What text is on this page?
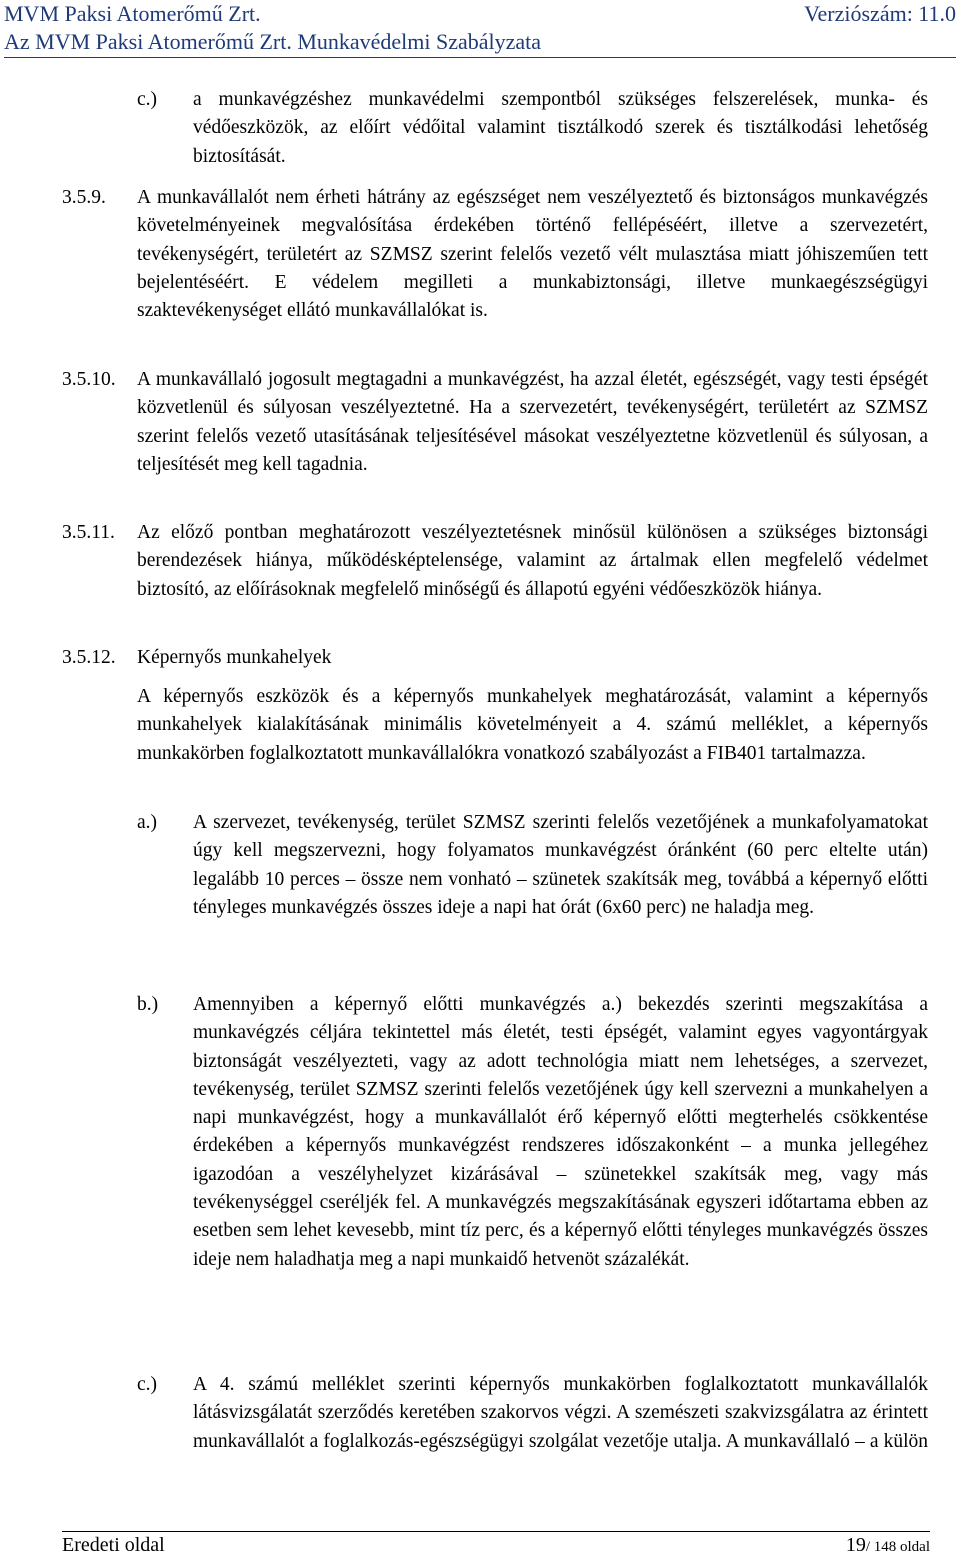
MVM Paksi Atomerőmű Zrt.	Verziószám: 11.0
Az MVM Paksi Atomerőmű Zrt. Munkavédelmi Szabályzata
c.) a munkavégzéshez munkavédelmi szempontból szükséges felszerelések, munka- és védőeszközök, az előírt védőital valamint tisztálkodó szerek és tisztálkodási lehetőség biztosítását.
3.5.9. A munkavállalót nem érheti hátrány az egészséget nem veszélyeztető és biztonságos munkavégzés követelményeinek megvalósítása érdekében történő fellépéséért, illetve a szervezetért, tevékenységért, területért az SZMSZ szerint felelős vezető vélt mulasztása miatt jóhiszeműen tett bejelentéséért. E védelem megilleti a munkabiztonsági, illetve munkaegészségügyi szaktevékenységet ellátó munkavállalókat is.
3.5.10. A munkavállaló jogosult megtagadni a munkavégzést, ha azzal életét, egészségét, vagy testi épségét közvetlenül és súlyosan veszélyeztetné. Ha a szervezetért, tevékenységért, területért az SZMSZ szerint felelős vezető utasításának teljesítésével másokat veszélyeztetne közvetlenül és súlyosan, a teljesítését meg kell tagadnia.
3.5.11. Az előző pontban meghatározott veszélyeztetésnek minősül különösen a szükséges biztonsági berendezések hiánya, működésképtelensége, valamint az ártalmak ellen megfelelő védelmet biztosító, az előírásoknak megfelelő minőségű és állapotú egyéni védőeszközök hiánya.
3.5.12. Képernyős munkahelyek
A képernyős eszközök és a képernyős munkahelyek meghatározását, valamint a képernyős munkahelyek kialakításának minimális követelményeit a 4. számú melléklet, a képernyős munkakörben foglalkoztatott munkavállalókra vonatkozó szabályozást a FIB401 tartalmazza.
a.) A szervezet, tevékenység, terület SZMSZ szerinti felelős vezetőjének a munkafolyamatokat úgy kell megszervezni, hogy folyamatos munkavégzést óránként (60 perc eltelte után) legalább 10 perces – össze nem vonható – szünetek szakítsák meg, továbbá a képernyő előtti tényleges munkavégzés összes ideje a napi hat órát (6x60 perc) ne haladja meg.
b.) Amennyiben a képernyő előtti munkavégzés a.) bekezdés szerinti megszakítása a munkavégzés céljára tekintettel más életét, testi épségét, valamint egyes vagyontárgyak biztonságát veszélyezteti, vagy az adott technológia miatt nem lehetséges, a szervezet, tevékenység, terület SZMSZ szerinti felelős vezetőjének úgy kell szervezni a munkahelyen a napi munkavégzést, hogy a munkavállalót érő képernyő előtti megterhelés csökkentése érdekében a képernyős munkavégzést rendszeres időszakonként – a munka jellegéhez igazodóan a veszélyhelyzet kizárásával – szünetekkel szakítsák meg, vagy más tevékenységgel cseréljék fel. A munkavégzés megszakításának egyszeri időtartama ebben az esetben sem lehet kevesebb, mint tíz perc, és a képernyő előtti tényleges munkavégzés összes ideje nem haladhatja meg a napi munkaidő hetvenöt százalékát.
c.) A 4. számú melléklet szerinti képernyős munkakörben foglalkoztatott munkavállalók látásvizsgálatát szerződés keretében szakorvos végzi. A szemészeti szakvizsgálatra az érintett munkavállalót a foglalkozás-egészségügyi szolgálat vezetője utalja. A munkavállaló – a külön
Eredeti oldal	19/ 148 oldal
